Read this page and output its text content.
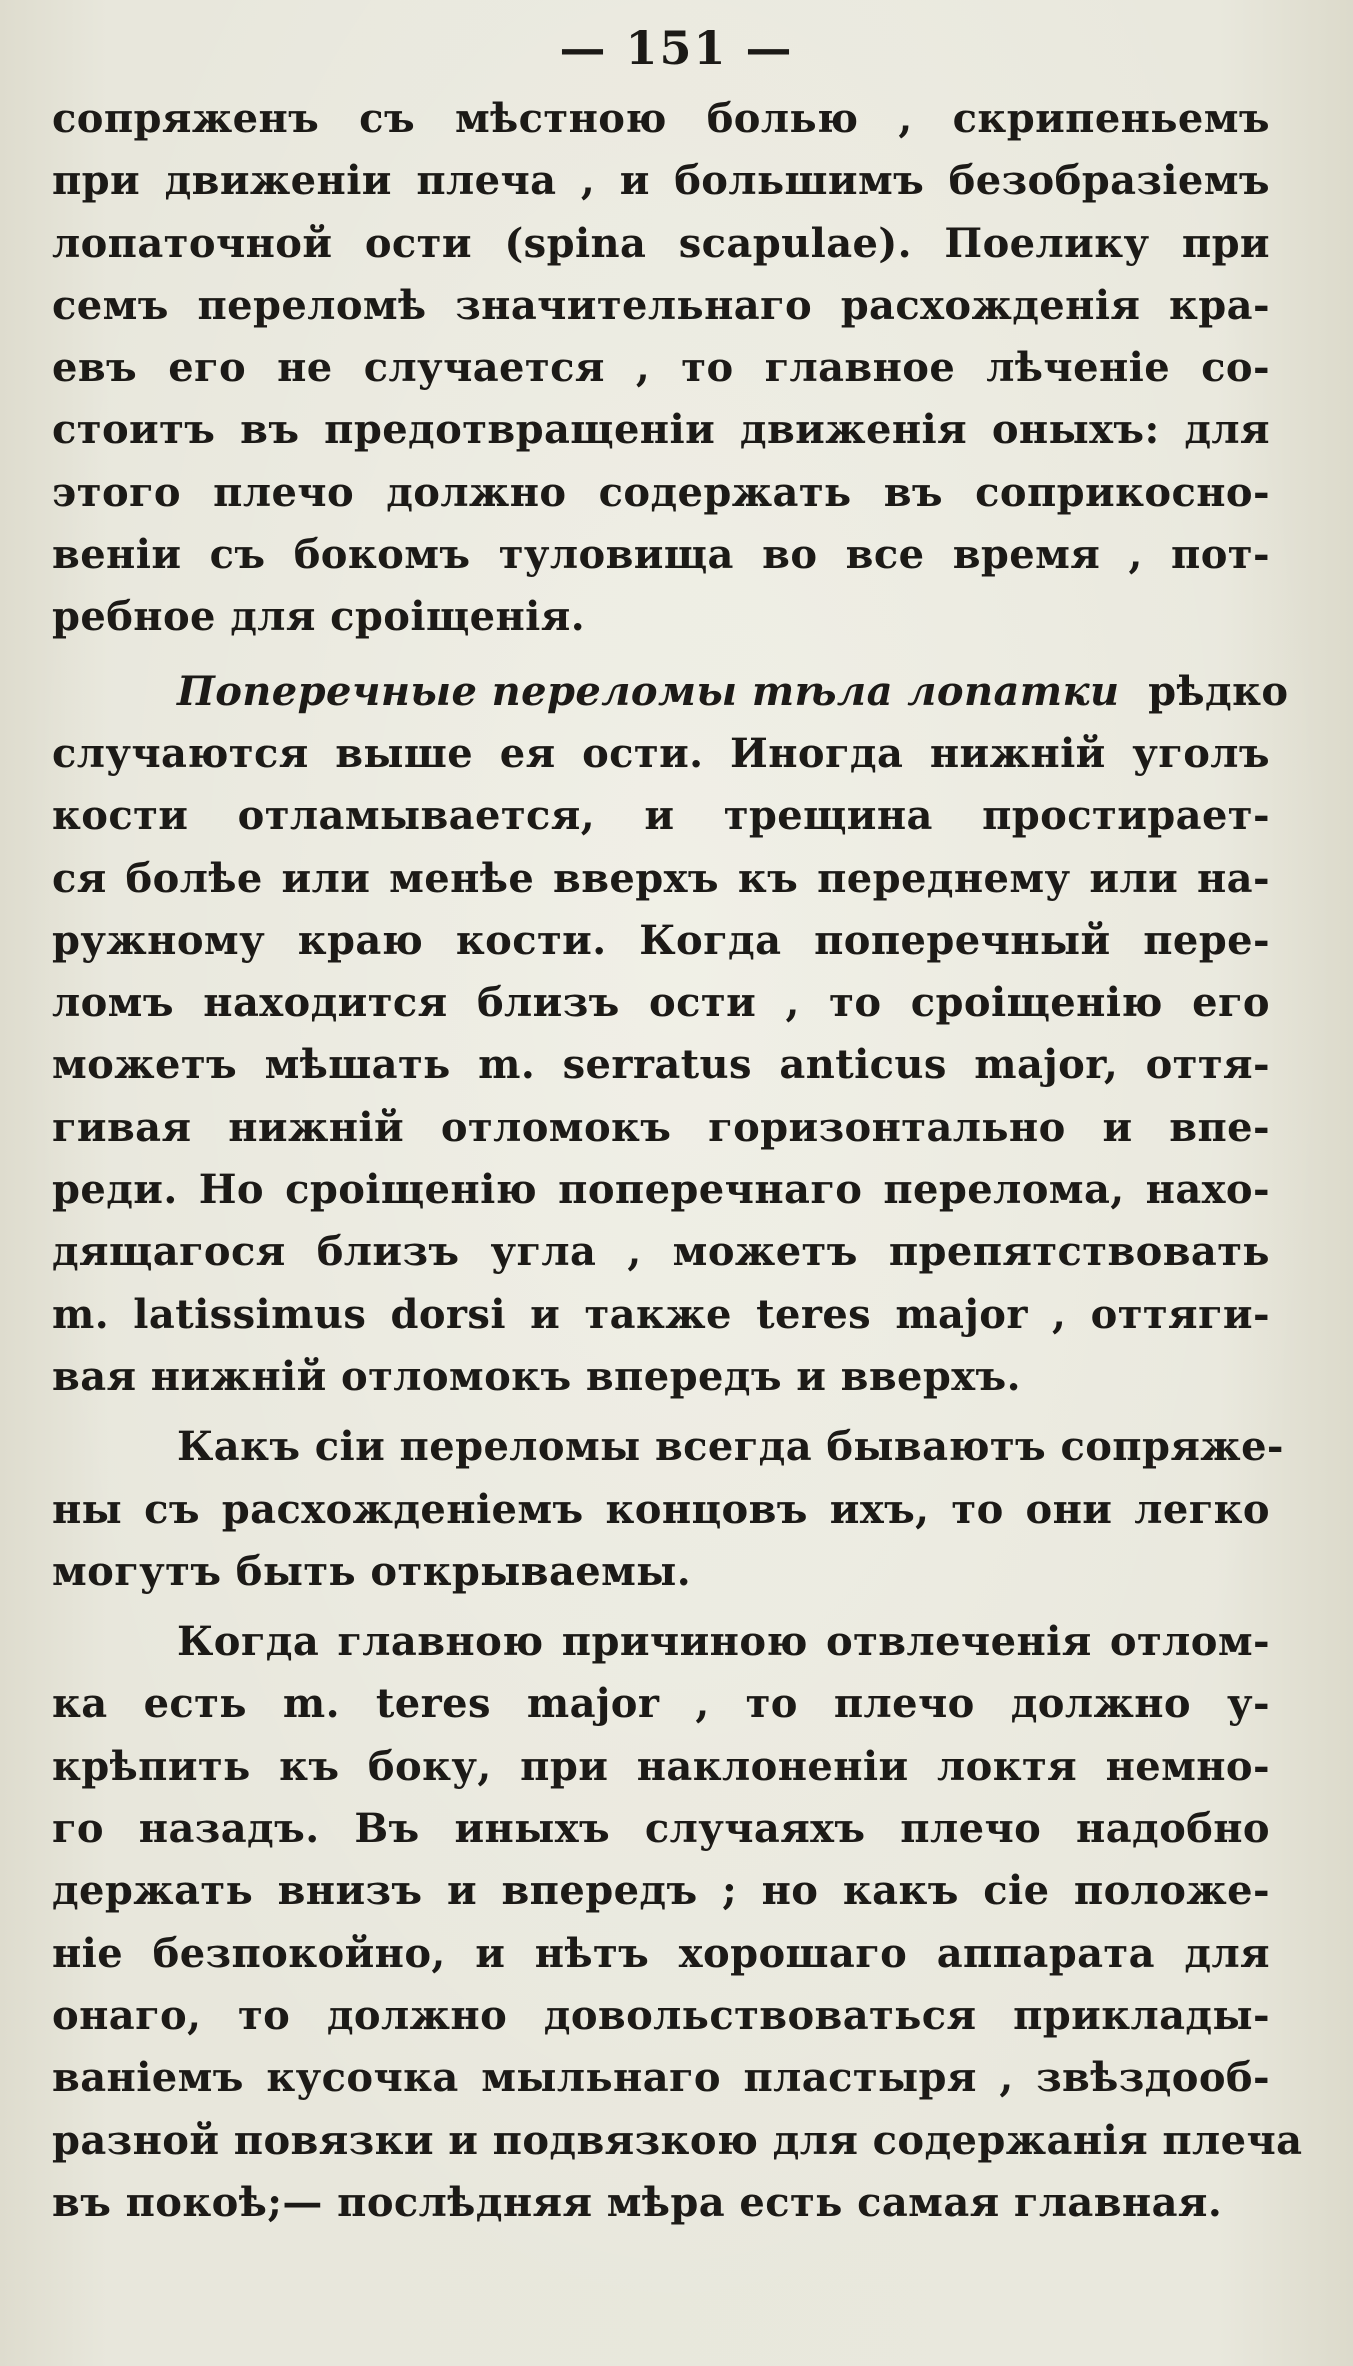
— 151 —
сопряженъ съ мѣстною болью , скрипеньемъ
при движеніи плеча , и большимъ безобразіемъ
лопаточной ости (spina scapulae). Поелику при
семъ переломѣ значительнаго расхожденія кра-
евъ его не случается , то главное лѣченіе со-
стоитъ въ предотвращеніи движенія оныхъ: для
этого плечо должно содержать въ соприкосно-
веніи съ бокомъ туловища во все время , пот-
ребное для сроіщенія.
Поперечные переломы тѣла лопатки рѣдко
случаются выше ея ости. Иногда нижній уголъ
кости отламывается, и трещина простирает-
ся болѣе или менѣе вверхъ къ переднему или на-
ружному краю кости. Когда поперечный пере-
ломъ находится близъ ости , то сроіщенію его
можетъ мѣшать m. serratus anticus major, оття-
гивая нижній отломокъ горизонтально и впе-
реди. Но сроіщенію поперечнаго перелома, нахо-
дящагося близъ угла , можетъ препятствовать
m. latissimus dorsi и также teres major , оттяги-
вая нижній отломокъ впередъ и вверхъ.
Какъ сіи переломы всегда бываютъ сопряже-
ны съ расхожденіемъ концовъ ихъ, то они легко
могутъ быть открываемы.
Когда главною причиною отвлеченія отлом-
ка есть m. teres major , то плечо должно у-
крѣпить къ боку, при наклоненіи локтя немно-
го назадъ. Въ иныхъ случаяхъ плечо надобно
держать внизъ и впередъ ; но какъ сіе положе-
ніе безпокойно, и нѣтъ хорошаго аппарата для
онаго, то должно довольствоваться приклады-
ваніемъ кусочка мыльнаго пластыря , звѣздооб-
разной повязки и подвязкою для содержанія плеча
въ покоѣ;— послѣдняя мѣра есть самая главная.
